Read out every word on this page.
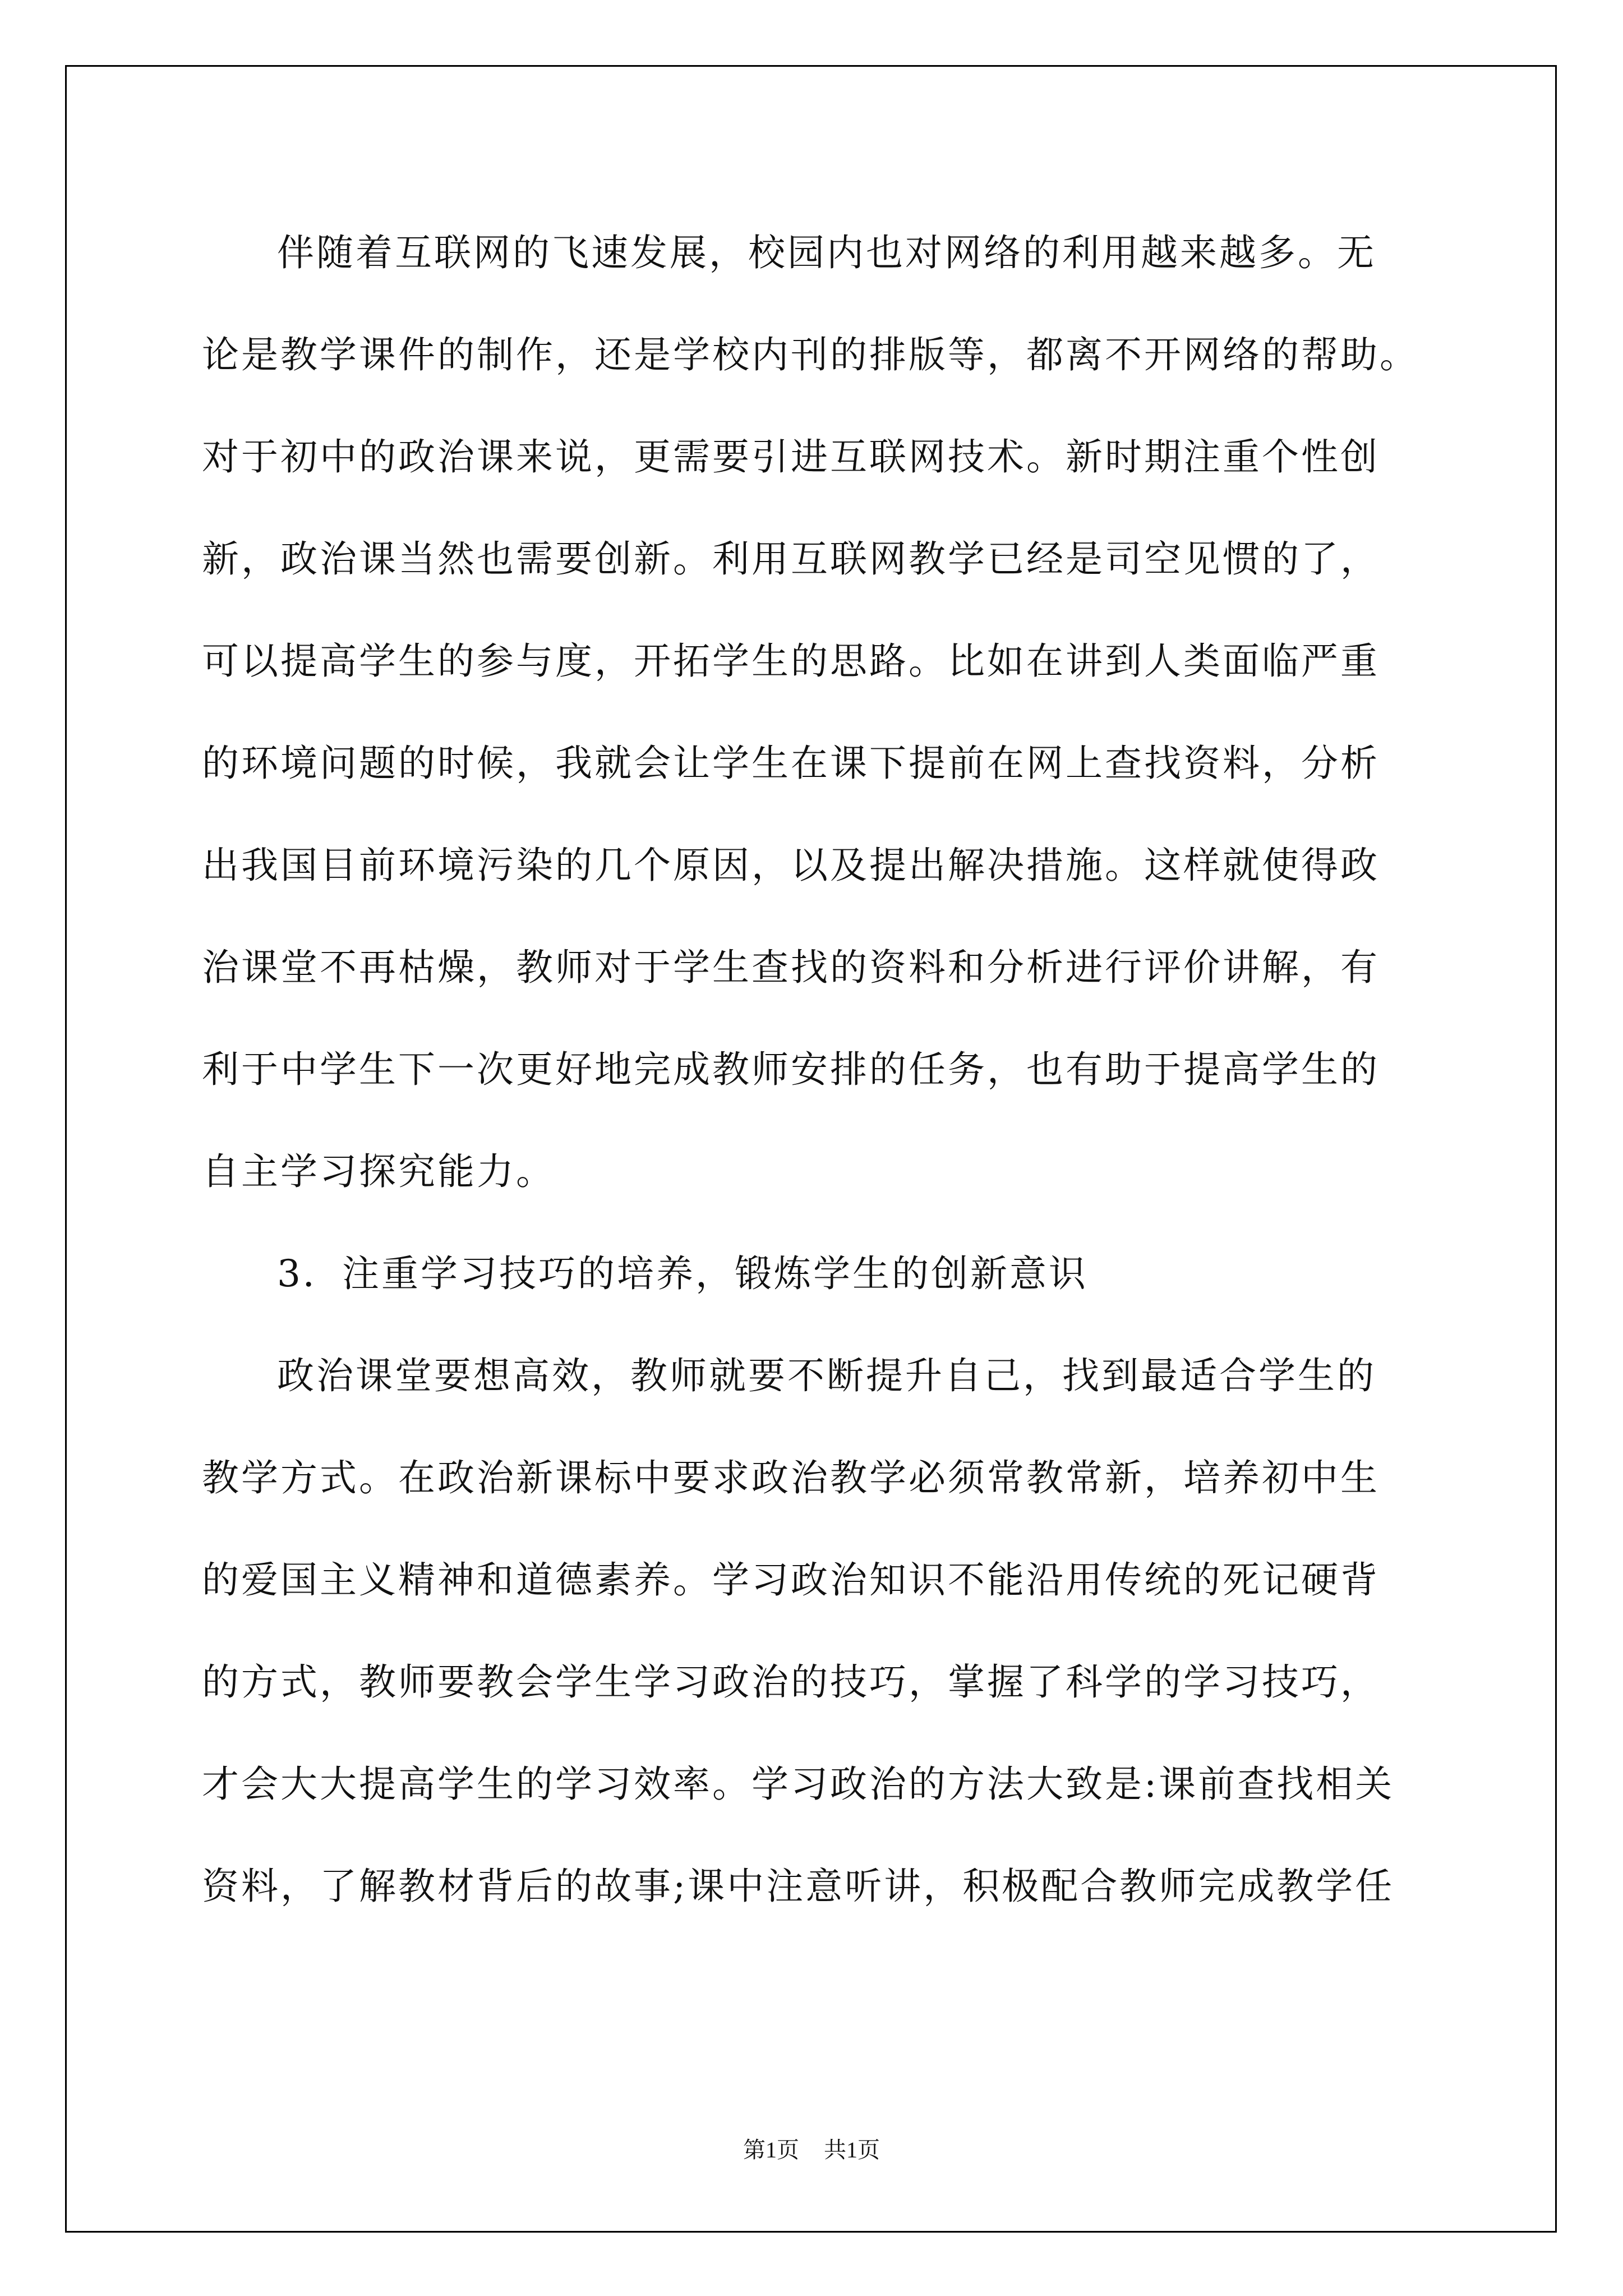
伴随着互联网的飞速发展，校园内也对网络的利用越来越多。无
论是教学课件的制作，还是学校内刊的排版等，都离不开网络的帮助。
对于初中的政治课来说，更需要引进互联网技术。新时期注重个性创
新，政治课当然也需要创新。利用互联网教学已经是司空见惯的了，
可以提高学生的参与度，开拓学生的思路。比如在讲到人类面临严重
的环境问题的时候，我就会让学生在课下提前在网上查找资料，分析
出我国目前环境污染的几个原因，以及提出解决措施。这样就使得政
治课堂不再枯燥，教师对于学生查找的资料和分析进行评价讲解，有
利于中学生下一次更好地完成教师安排的任务，也有助于提高学生的
自主学习探究能力。
3．注重学习技巧的培养，锻炼学生的创新意识
政治课堂要想高效，教师就要不断提升自己，找到最适合学生的
教学方式。在政治新课标中要求政治教学必须常教常新，培养初中生
的爱国主义精神和道德素养。学习政治知识不能沿用传统的死记硬背
的方式，教师要教会学生学习政治的技巧，掌握了科学的学习技巧，
才会大大提高学生的学习效率。学习政治的方法大致是:课前查找相关
资料，了解教材背后的故事;课中注意听讲，积极配合教师完成教学任
第1页 共1页
